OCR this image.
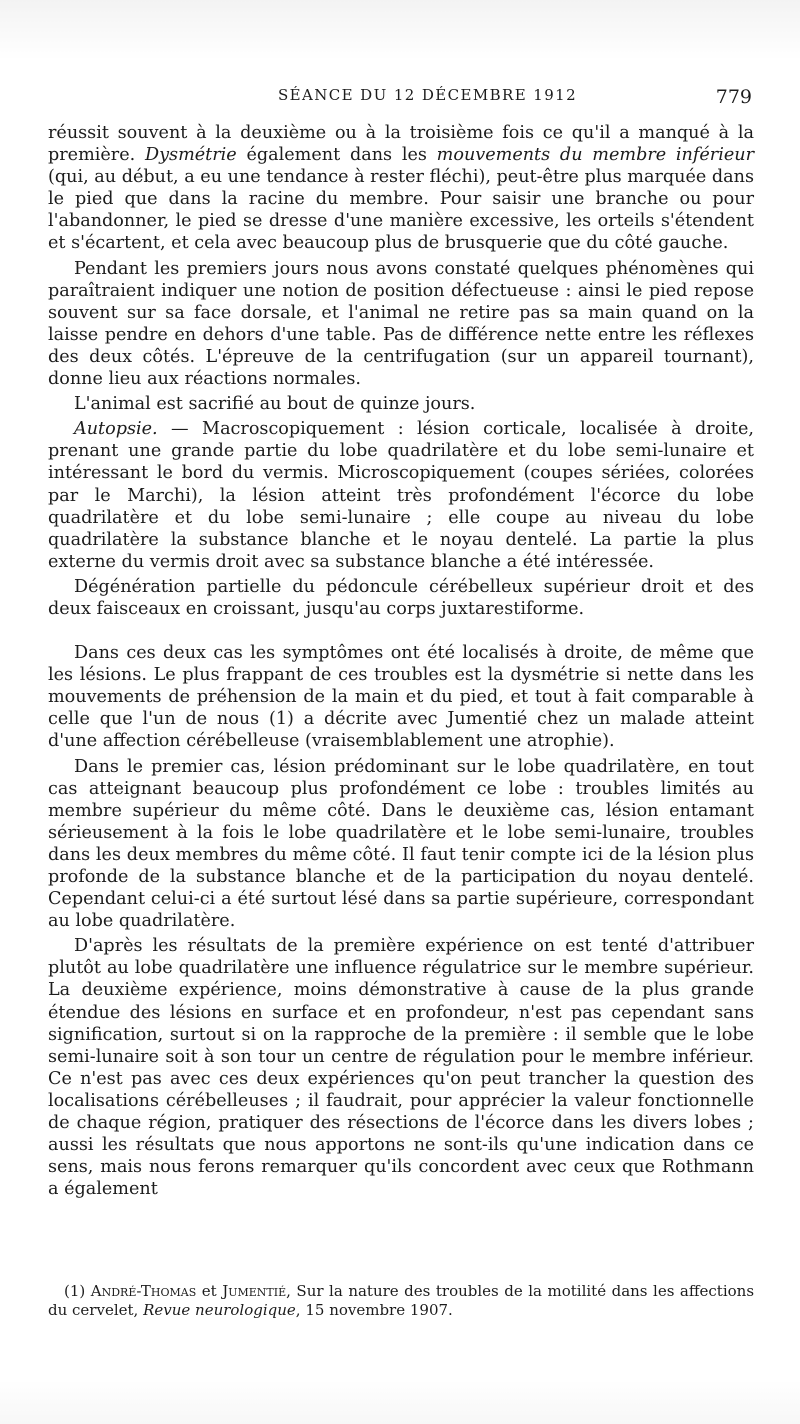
SÉANCE DU 12 DÉCEMBRE 1912	779

réussit souvent à la deuxième ou à la troisième fois ce qu'il a manqué à la première. Dysmétrie également dans les mouvements du membre inférieur (qui, au début, a eu une tendance à rester fléchi), peut-être plus marquée dans le pied que dans la racine du membre. Pour saisir une branche ou pour l'abandonner, le pied se dresse d'une manière excessive, les orteils s'étendent et s'écartent, et cela avec beaucoup plus de brusquerie que du côté gauche.

Pendant les premiers jours nous avons constaté quelques phénomènes qui paraîtraient indiquer une notion de position défectueuse : ainsi le pied repose souvent sur sa face dorsale, et l'animal ne retire pas sa main quand on la laisse pendre en dehors d'une table. Pas de différence nette entre les réflexes des deux côtés. L'épreuve de la centrifugation (sur un appareil tournant), donne lieu aux réactions normales.

L'animal est sacrifié au bout de quinze jours.

Autopsie. — Macroscopiquement : lésion corticale, localisée à droite, prenant une grande partie du lobe quadrilatère et du lobe semi-lunaire et intéressant le bord du vermis. Microscopiquement (coupes sériées, colorées par le Marchi), la lésion atteint très profondément l'écorce du lobe quadrilatère et du lobe semi-lunaire ; elle coupe au niveau du lobe quadrilatère la substance blanche et le noyau dentelé. La partie la plus externe du vermis droit avec sa substance blanche a été intéressée.

Dégénération partielle du pédoncule cérébelleux supérieur droit et des deux faisceaux en croissant, jusqu'au corps juxtarestiforme.

Dans ces deux cas les symptômes ont été localisés à droite, de même que les lésions. Le plus frappant de ces troubles est la dysmétrie si nette dans les mouvements de préhension de la main et du pied, et tout à fait comparable à celle que l'un de nous (1) a décrite avec Jumentié chez un malade atteint d'une affection cérébelleuse (vraisemblablement une atrophie).

Dans le premier cas, lésion prédominant sur le lobe quadrilatère, en tout cas atteignant beaucoup plus profondément ce lobe : troubles limités au membre supérieur du même côté. Dans le deuxième cas, lésion entamant sérieusement à la fois le lobe quadrilatère et le lobe semi-lunaire, troubles dans les deux membres du même côté. Il faut tenir compte ici de la lésion plus profonde de la substance blanche et de la participation du noyau dentelé. Cependant celui-ci a été surtout lésé dans sa partie supérieure, correspondant au lobe quadrilatère.

D'après les résultats de la première expérience on est tenté d'attribuer plutôt au lobe quadrilatère une influence régulatrice sur le membre supérieur. La deuxième expérience, moins démonstrative à cause de la plus grande étendue des lésions en surface et en profondeur, n'est pas cependant sans signification, surtout si on la rapproche de la première : il semble que le lobe semi-lunaire soit à son tour un centre de régulation pour le membre inférieur. Ce n'est pas avec ces deux expériences qu'on peut trancher la question des localisations cérébelleuses ; il faudrait, pour apprécier la valeur fonctionnelle de chaque région, pratiquer des résections de l'écorce dans les divers lobes ; aussi les résultats que nous apportons ne sont-ils qu'une indication dans ce sens, mais nous ferons remarquer qu'ils concordent avec ceux que Rothmann a également

(1) André-Thomas et Jumentié, Sur la nature des troubles de la motilité dans les affections du cervelet, Revue neurologique, 15 novembre 1907.
